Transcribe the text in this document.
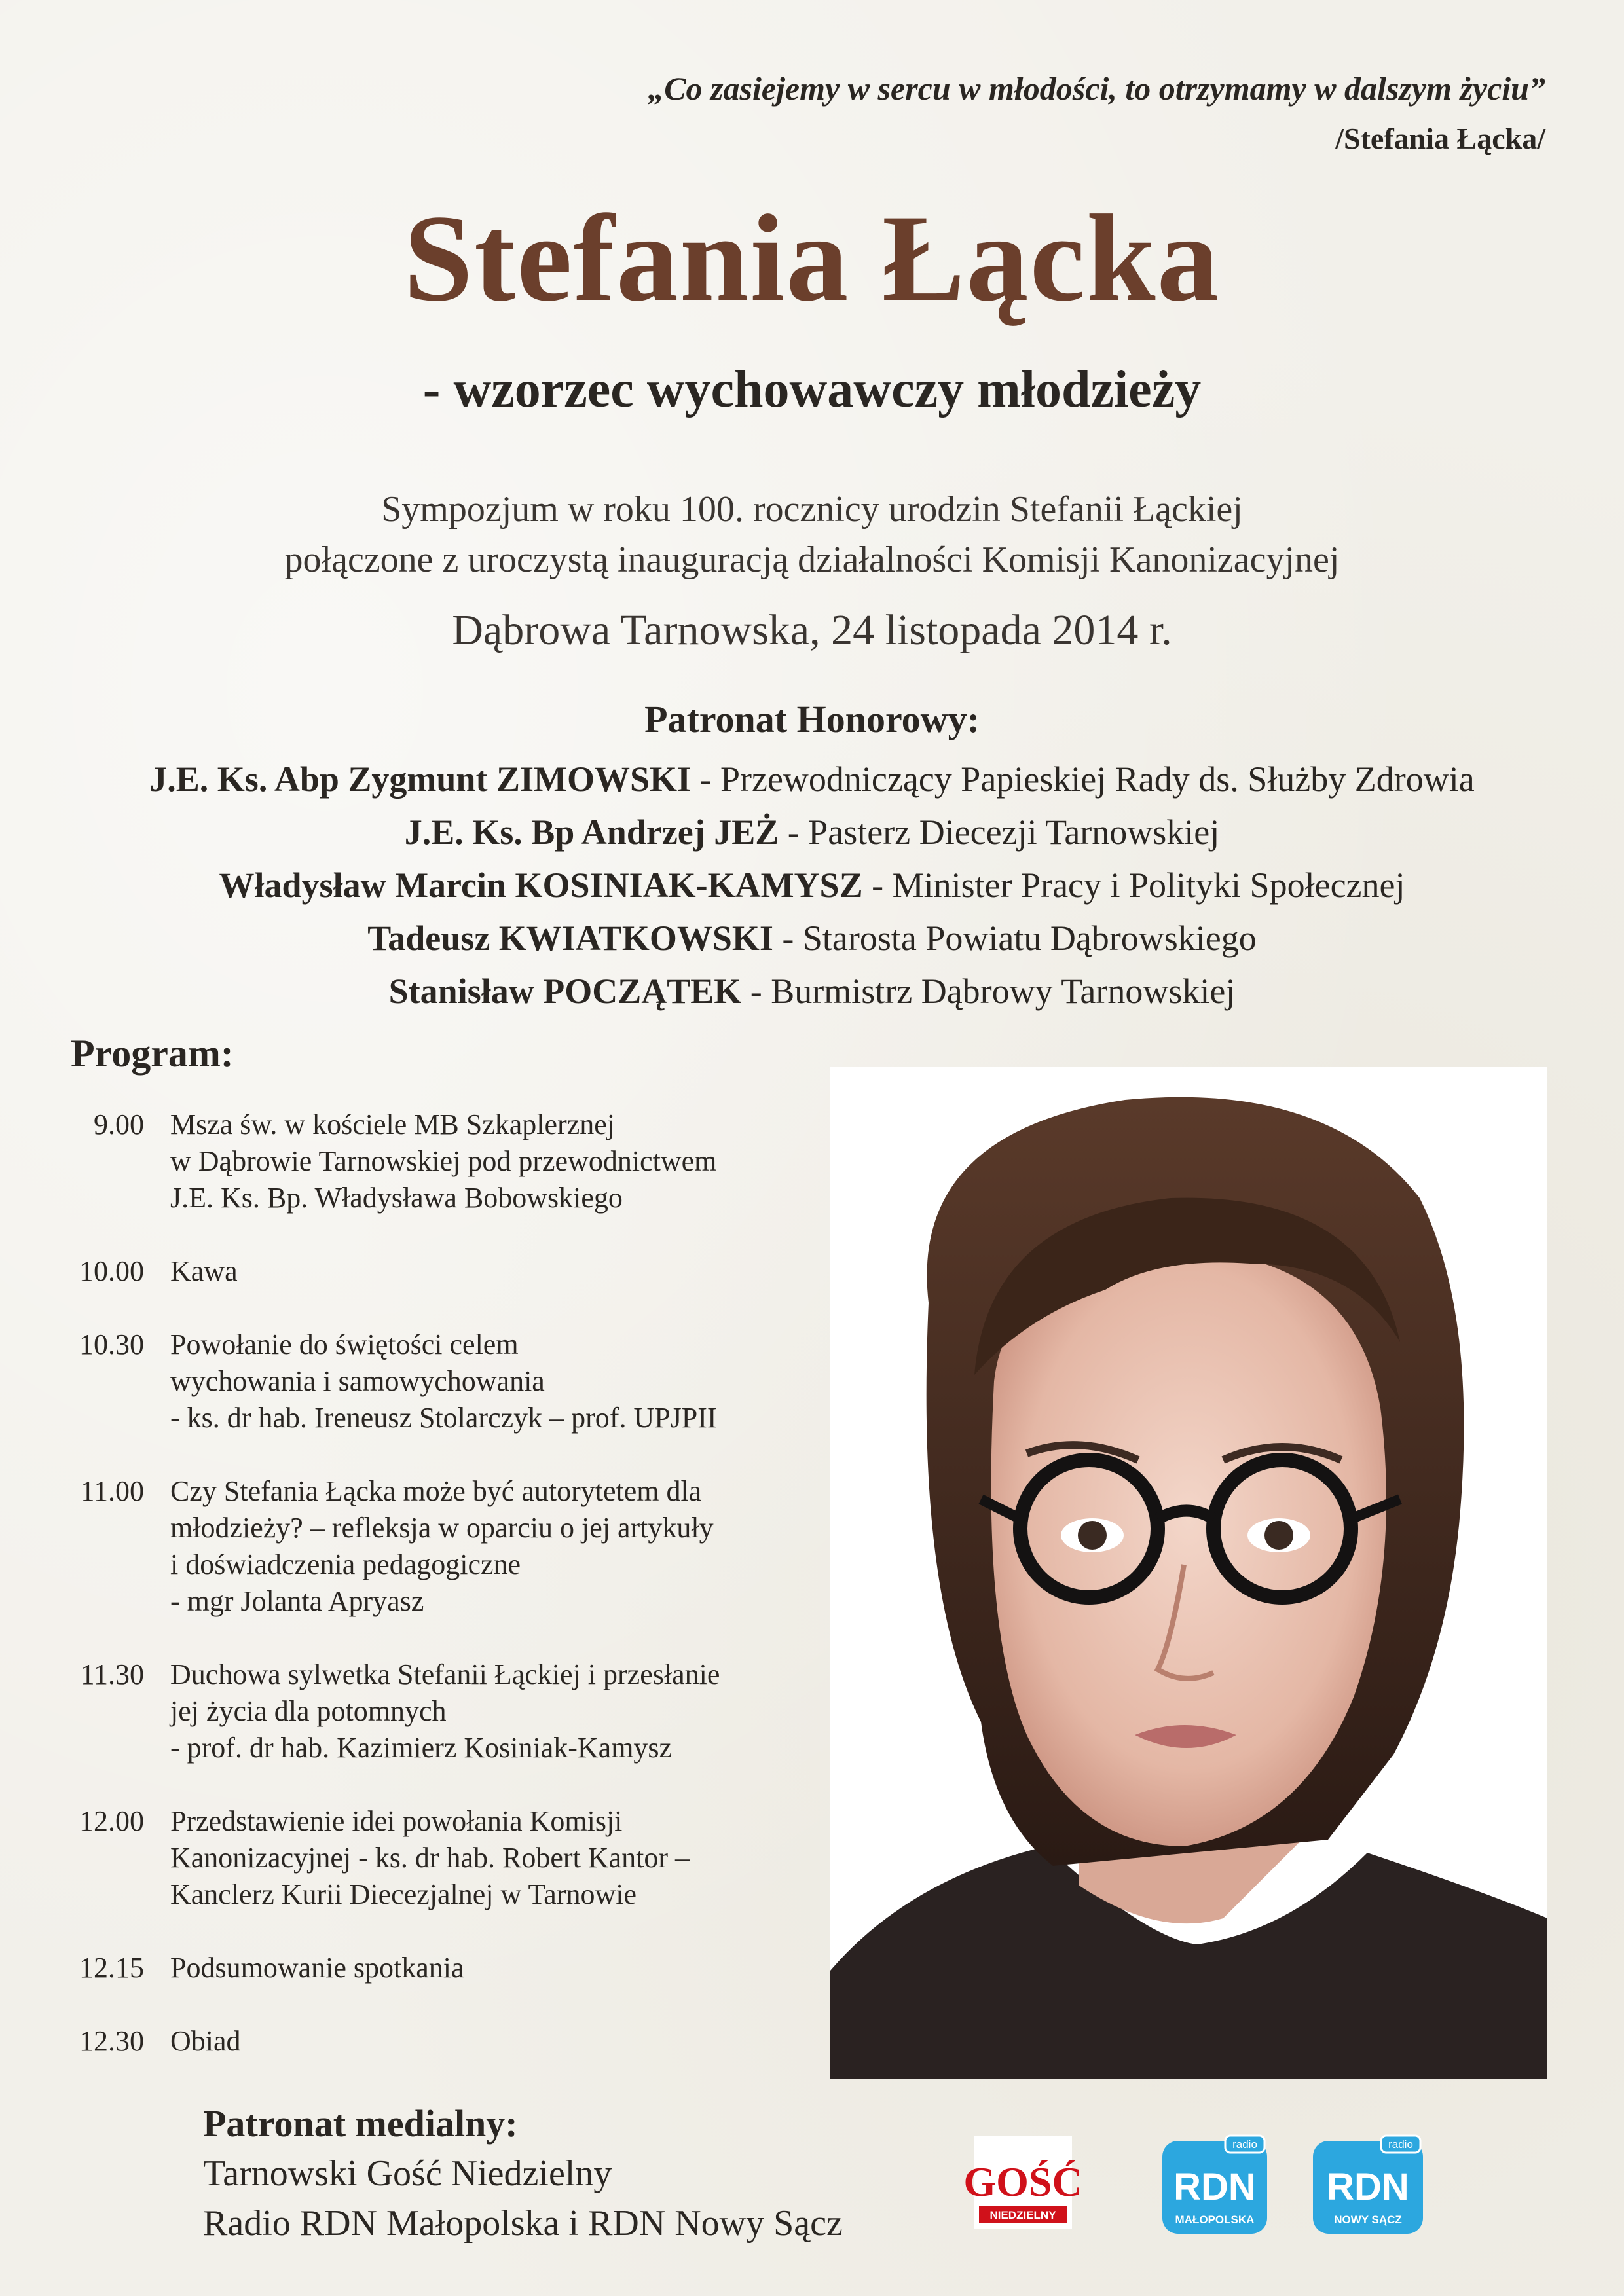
„Co zasiejemy w sercu w młodości, to otrzymamy w dalszym życiu”
/Stefania Łącka/
Stefania Łącka
- wzorzec wychowawczy młodzieży
Sympozjum w roku 100. rocznicy urodzin Stefanii Łąckiej
połączone z uroczystą inauguracją działalności Komisji Kanonizacyjnej
Dąbrowa Tarnowska, 24 listopada 2014 r.
Patronat Honorowy:
J.E. Ks. Abp Zygmunt ZIMOWSKI - Przewodniczący Papieskiej Rady ds. Służby Zdrowia
J.E. Ks. Bp Andrzej JEŻ - Pasterz Diecezji Tarnowskiej
Władysław Marcin KOSINIAK-KAMYSZ - Minister Pracy i Polityki Społecznej
Tadeusz KWIATKOWSKI - Starosta Powiatu Dąbrowskiego
Stanisław POCZĄTEK - Burmistrz Dąbrowy Tarnowskiej
Program:
9.00 Msza św. w kościele MB Szkaplerznej
w Dąbrowie Tarnowskiej pod przewodnictwem
J.E. Ks. Bp. Władysława Bobowskiego
10.00 Kawa
10.30 Powołanie do świętości celem
wychowania i samowychowania
- ks. dr hab. Ireneusz Stolarczyk – prof. UPJPII
11.00 Czy Stefania Łącka może być autorytetem dla
młodzieży? – refleksja w oparciu o jej artykuły
i doświadczenia pedagogiczne
- mgr Jolanta Apryasz
11.30 Duchowa sylwetka Stefanii Łąckiej i przesłanie
jej życia dla potomnych
- prof. dr hab. Kazimierz Kosiniak-Kamysz
12.00 Przedstawienie idei powołania Komisji
Kanonizacyjnej - ks. dr hab. Robert Kantor –
Kanclerz Kurii Diecezjalnej w Tarnowie
12.15 Podsumowanie spotkania
12.30 Obiad
Patronat medialny:
Tarnowski Gość Niedzielny
Radio RDN Małopolska i RDN Nowy Sącz
GOŚĆ
NIEDZIELNY
radio
RDN
MAŁOPOLSKA
radio
RDN
NOWY SĄCZ
